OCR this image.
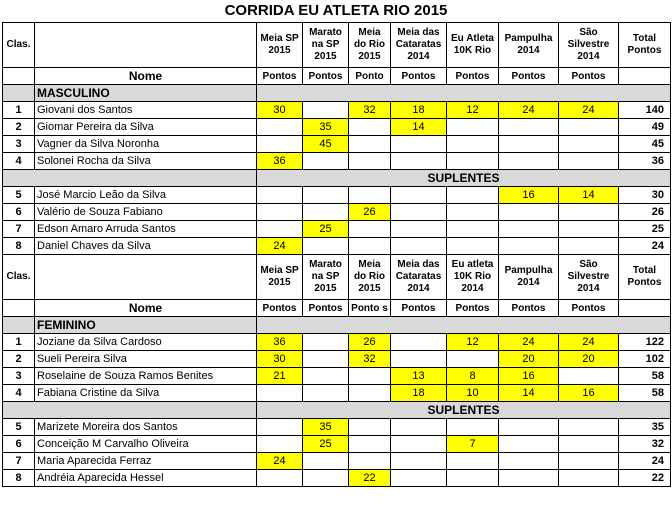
CORRIDA EU ATLETA RIO 2015
Clas.		Meia SP 2015	Marato na SP 2015	Meia do Rio 2015	Meia das Cataratas 2014	Eu Atleta 10K Rio	Pampulha 2014	São Silvestre 2014	Total Pontos
	Nome	Pontos	Pontos	Ponto	Pontos	Pontos	Pontos	Pontos	
	MASCULINO								
1	Giovani dos Santos	30		32	18	12	24	24	140
2	Giomar Pereira da Silva		35		14				49
3	Vagner da Silva Noronha		45						45
4	Solonei Rocha da Silva	36							36
		SUPLENTES							
5	José Marcio Leão da Silva						16	14	30
6	Valério de Souza Fabiano			26					26
7	Edson Amaro Arruda Santos		25						25
8	Daniel Chaves da Silva	24							24
Clas.		Meia SP 2015	Marato na SP 2015	Meia do Rio 2015	Meia das Cataratas 2014	Eu atleta 10K Rio 2014	Pampulha 2014	São Silvestre 2014	Total Pontos
	Nome	Pontos	Pontos	Ponto s	Pontos	Pontos	Pontos	Pontos	
	FEMININO								
1	Joziane da Silva Cardoso	36		26		12	24	24	122
2	Sueli Pereira Silva	30		32			20	20	102
3	Roselaine de Souza Ramos Benites	21			13	8	16		58
4	Fabiana Cristine da Silva				18	10	14	16	58
		SUPLENTES							
5	Marizete Moreira dos Santos		35						35
6	Conceição M Carvalho Oliveira		25			7			32
7	Maria Aparecida Ferraz	24							24
8	Andréia Aparecida Hessel			22					22
